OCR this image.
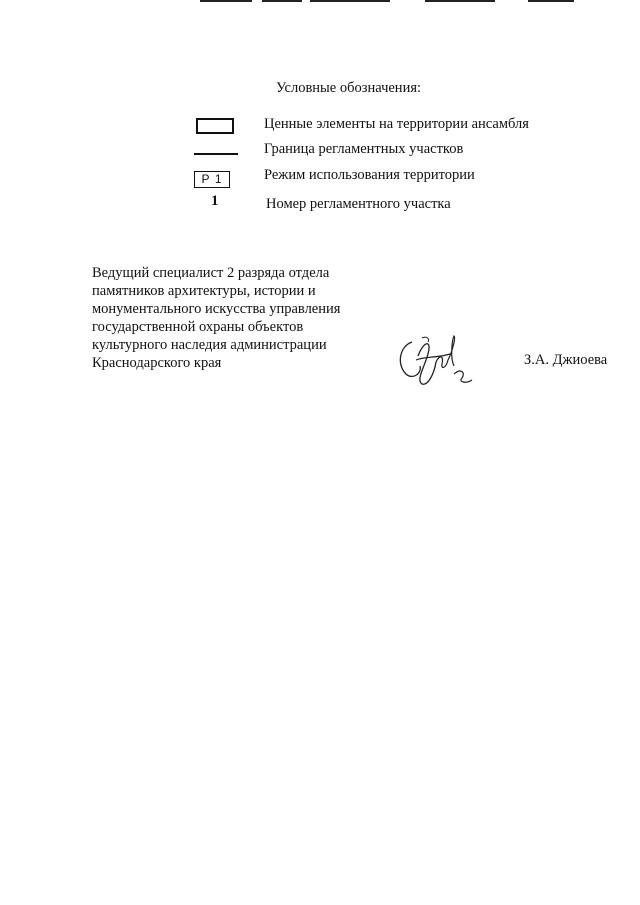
Условные обозначения:
Ценные элементы на территории ансамбля
Граница регламентных участков
Р 1	Режим использования территории
1	Номер регламентного участка
Ведущий специалист 2 разряда отдела
памятников архитектуры, истории и
монументального искусства управления
государственной охраны объектов
культурного наследия администрации
Краснодарского края	З.А. Джиоева
